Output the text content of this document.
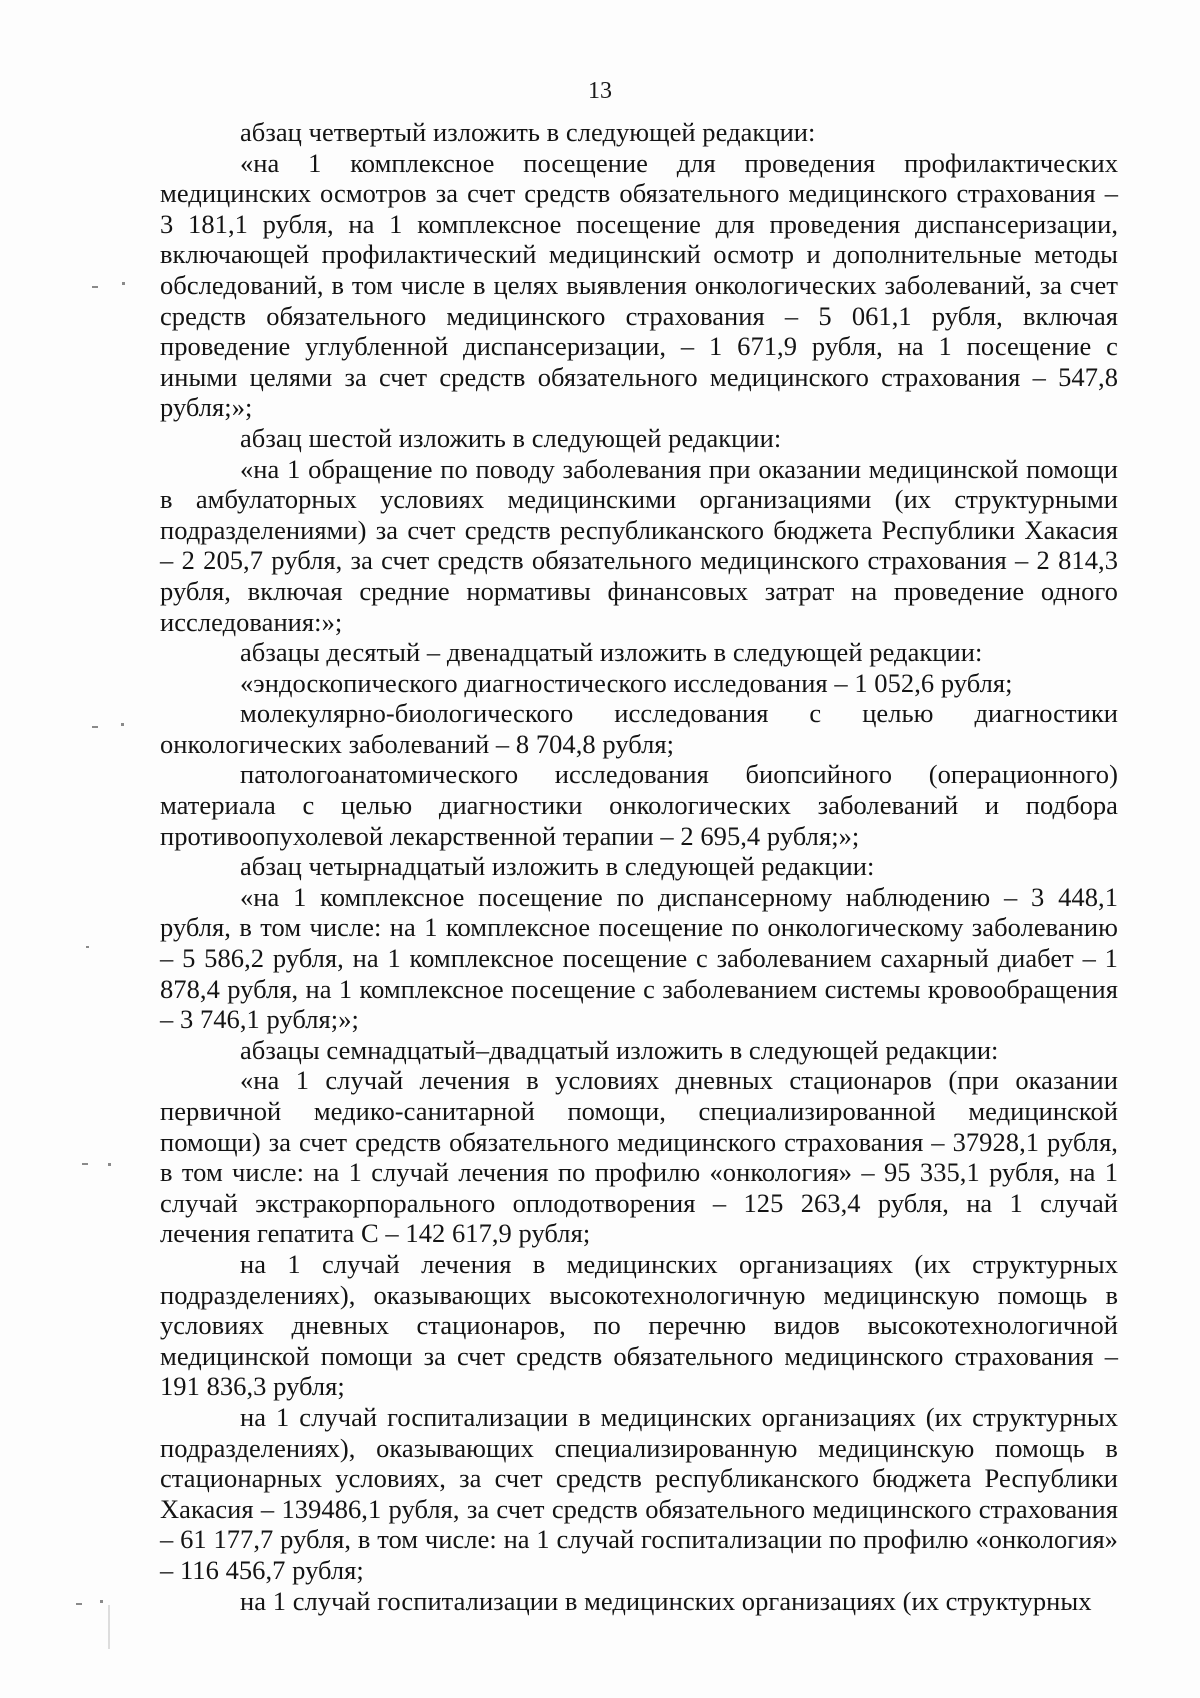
13

абзац четвертый изложить в следующей редакции:

«на 1 комплексное посещение для проведения профилактических медицинских осмотров за счет средств обязательного медицинского страхования – 3 181,1 рубля, на 1 комплексное посещение для проведения диспансеризации, включающей профилактический медицинский осмотр и дополнительные методы обследований, в том числе в целях выявления онкологических заболеваний, за счет средств обязательного медицинского страхования – 5 061,1 рубля, включая проведение углубленной диспансеризации, – 1 671,9 рубля, на 1 посещение с иными целями за счет средств обязательного медицинского страхования – 547,8 рубля;»;

абзац шестой изложить в следующей редакции:

«на 1 обращение по поводу заболевания при оказании медицинской помощи в амбулаторных условиях медицинскими организациями (их структурными подразделениями) за счет средств республиканского бюджета Республики Хакасия – 2 205,7 рубля, за счет средств обязательного медицинского страхования – 2 814,3 рубля, включая средние нормативы финансовых затрат на проведение одного исследования:»;

абзацы десятый – двенадцатый изложить в следующей редакции:

«эндоскопического диагностического исследования – 1 052,6 рубля;

молекулярно-биологического исследования с целью диагностики онкологических заболеваний – 8 704,8 рубля;

патологоанатомического исследования биопсийного (операционного) материала с целью диагностики онкологических заболеваний и подбора противоопухолевой лекарственной терапии – 2 695,4 рубля;»;

абзац четырнадцатый изложить в следующей редакции:

«на 1 комплексное посещение по диспансерному наблюдению – 3 448,1 рубля, в том числе: на 1 комплексное посещение по онкологическому заболеванию – 5 586,2 рубля, на 1 комплексное посещение с заболеванием сахарный диабет – 1 878,4 рубля, на 1 комплексное посещение с заболеванием системы кровообращения – 3 746,1 рубля;»;

абзацы семнадцатый–двадцатый изложить в следующей редакции:

«на 1 случай лечения в условиях дневных стационаров (при оказании первичной медико-санитарной помощи, специализированной медицинской помощи) за счет средств обязательного медицинского страхования – 37928,1 рубля, в том числе: на 1 случай лечения по профилю «онкология» – 95 335,1 рубля, на 1 случай экстракорпорального оплодотворения – 125 263,4 рубля, на 1 случай лечения гепатита С – 142 617,9 рубля;

на 1 случай лечения в медицинских организациях (их структурных подразделениях), оказывающих высокотехнологичную медицинскую помощь в условиях дневных стационаров, по перечню видов высокотехнологичной медицинской помощи за счет средств обязательного медицинского страхования – 191 836,3 рубля;

на 1 случай госпитализации в медицинских организациях (их структурных подразделениях), оказывающих специализированную медицинскую помощь в стационарных условиях, за счет средств республиканского бюджета Республики Хакасия – 139486,1 рубля, за счет средств обязательного медицинского страхования – 61 177,7 рубля, в том числе: на 1 случай госпитализации по профилю «онкология» – 116 456,7 рубля;

на 1 случай госпитализации в медицинских организациях (их структурных
